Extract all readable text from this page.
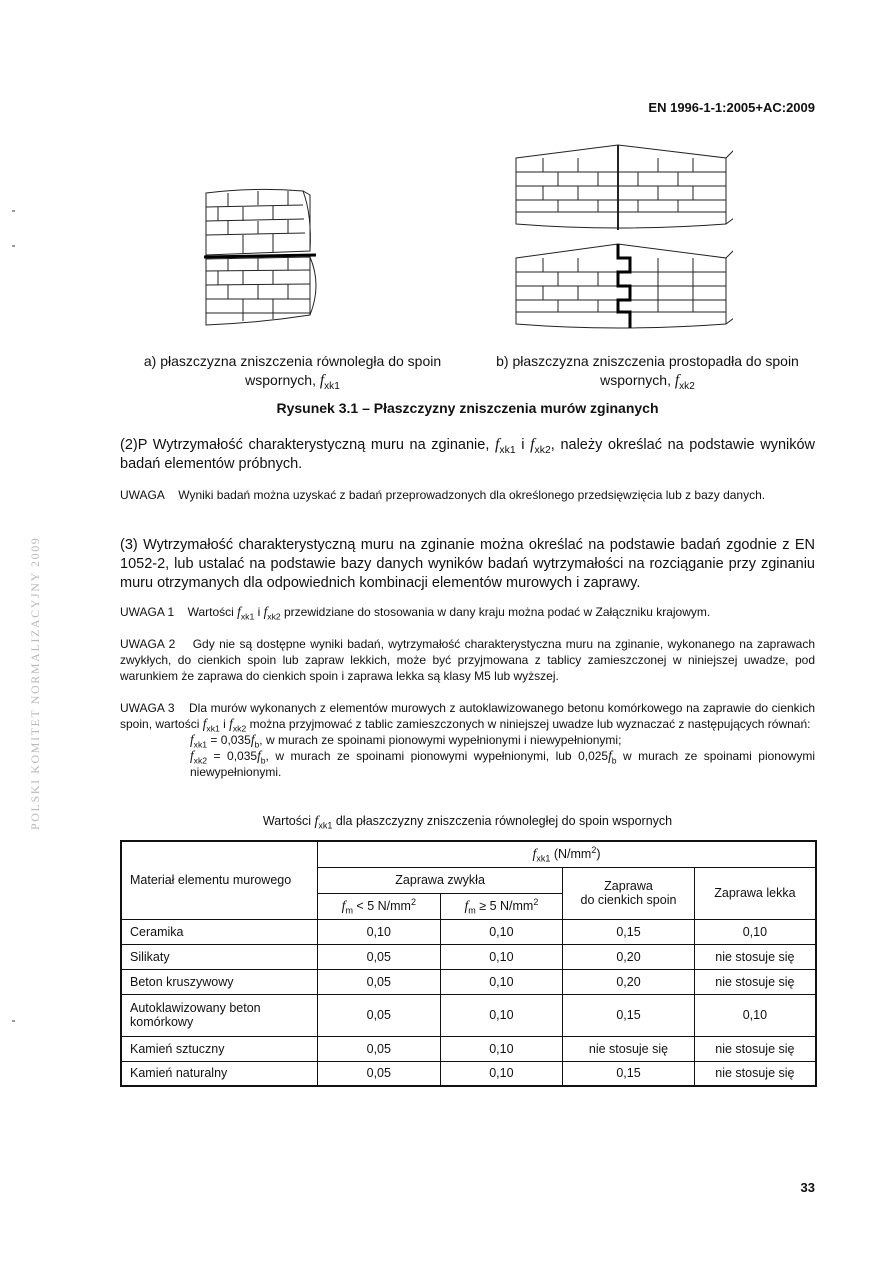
EN 1996-1-1:2005+AC:2009
POLSKI KOMITET NORMALIZACYJNY 2009
a) płaszczyzna zniszczenia równoległa do spoin
wspornych, $f_{xk1}$
b) płaszczyzna zniszczenia prostopadła do spoin
wspornych, $f_{xk2}$
Rysunek 3.1 – Płaszczyzny zniszczenia murów zginanych
(2)P Wytrzymałość charakterystyczną muru na zginanie, $f_{xk1}$ i $f_{xk2}$, należy określać na podstawie wyników badań elementów próbnych.
UWAGA Wyniki badań można uzyskać z badań przeprowadzonych dla określonego przedsięwzięcia lub z bazy danych.
(3) Wytrzymałość charakterystyczną muru na zginanie można określać na podstawie badań zgodnie z EN 1052-2, lub ustalać na podstawie bazy danych wyników badań wytrzymałości na rozciąganie przy zginaniu muru otrzymanych dla odpowiednich kombinacji elementów murowych i zaprawy.
UWAGA 1 Wartości $f_{xk1}$ i $f_{xk2}$ przewidziane do stosowania w dany kraju można podać w Załączniku krajowym.
UWAGA 2 Gdy nie są dostępne wyniki badań, wytrzymałość charakterystyczna muru na zginanie, wykonanego na zaprawach zwykłych, do cienkich spoin lub zapraw lekkich, może być przyjmowana z tablicy zamieszczonej w niniejszej uwadze, pod warunkiem że zaprawa do cienkich spoin i zaprawa lekka są klasy M5 lub wyższej.
UWAGA 3 Dla murów wykonanych z elementów murowych z autoklawizowanego betonu komórkowego na zaprawie do cienkich spoin, wartości $f_{xk1}$ i $f_{xk2}$ można przyjmować z tablic zamieszczonych w niniejszej uwadze lub wyznaczać z następujących równań:
$f_{xk1} = 0,035f_b$, w murach ze spoinami pionowymi wypełnionymi i niewypełnionymi;
$f_{xk2} = 0,035f_b$, w murach ze spoinami pionowymi wypełnionymi, lub $0,025f_b$ w murach ze spoinami pionowymi niewypełnionymi.
Wartości $f_{xk1}$ dla płaszczyzny zniszczenia równoległej do spoin wspornych
Materiał elementu murowego	$f_{xk1}$ $(N/mm^2)$			
	Zaprawa zwykła		Zaprawa
do cienkich spoin	Zaprawa lekka
	$f_m < 5$ $N/mm^2$	$f_m \ge 5$ $N/mm^2$
Ceramika	0,10	0,10	0,15	0,10
Silikaty	0,05	0,10	0,20	nie stosuje się
Beton kruszywowy	0,05	0,10	0,20	nie stosuje się
Autoklawizowany beton komórkowy	0,05	0,10	0,15	0,10
Kamień sztuczny	0,05	0,10	nie stosuje się	nie stosuje się
Kamień naturalny	0,05	0,10	0,15	nie stosuje się
33
